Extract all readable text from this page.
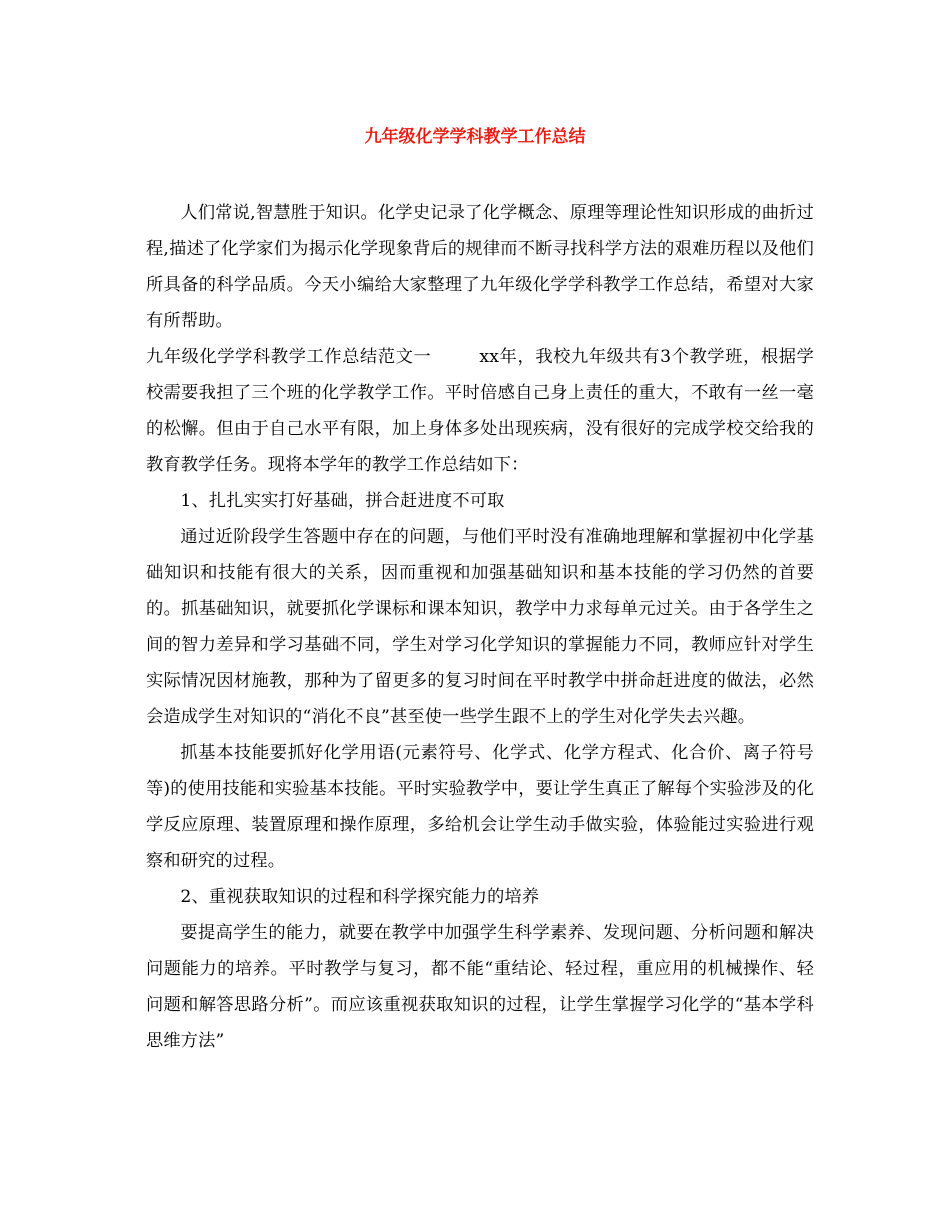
九年级化学学科教学工作总结

人们常说,智慧胜于知识。化学史记录了化学概念、原理等理论性知识形成的曲折过程,描述了化学家们为揭示化学现象背后的规律而不断寻找科学方法的艰难历程以及他们所具备的科学品质。今天小编给大家整理了九年级化学学科教学工作总结，希望对大家有所帮助。

九年级化学学科教学工作总结范文一	xx年，我校九年级共有3个教学班，根据学校需要我担了三个班的化学教学工作。平时倍感自己身上责任的重大，不敢有一丝一毫的松懈。但由于自己水平有限，加上身体多处出现疾病，没有很好的完成学校交给我的教育教学任务。现将本学年的教学工作总结如下：

1、扎扎实实打好基础，拼合赶进度不可取

通过近阶段学生答题中存在的问题，与他们平时没有准确地理解和掌握初中化学基础知识和技能有很大的关系，因而重视和加强基础知识和基本技能的学习仍然的首要的。抓基础知识，就要抓化学课标和课本知识，教学中力求每单元过关。由于各学生之间的智力差异和学习基础不同，学生对学习化学知识的掌握能力不同，教师应针对学生实际情况因材施教，那种为了留更多的复习时间在平时教学中拼命赶进度的做法，必然会造成学生对知识的“消化不良”甚至使一些学生跟不上的学生对化学失去兴趣。

抓基本技能要抓好化学用语(元素符号、化学式、化学方程式、化合价、离子符号等)的使用技能和实验基本技能。平时实验教学中，要让学生真正了解每个实验涉及的化学反应原理、装置原理和操作原理，多给机会让学生动手做实验，体验能过实验进行观察和研究的过程。

2、重视获取知识的过程和科学探究能力的培养

要提高学生的能力，就要在教学中加强学生科学素养、发现问题、分析问题和解决问题能力的培养。平时教学与复习，都不能“重结论、轻过程，重应用的机械操作、轻问题和解答思路分析”。而应该重视获取知识的过程，让学生掌握学习化学的“基本学科思维方法”
